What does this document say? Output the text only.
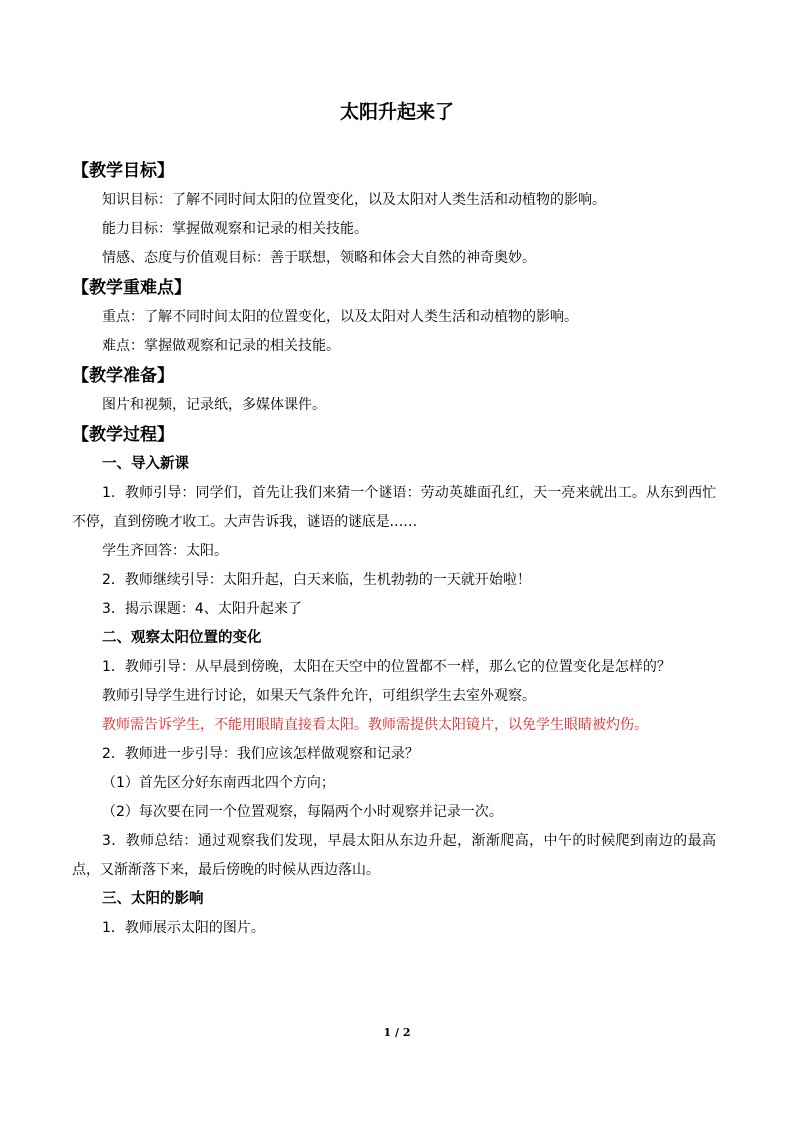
太阳升起来了
【教学目标】
知识目标：了解不同时间太阳的位置变化，以及太阳对人类生活和动植物的影响。
能力目标：掌握做观察和记录的相关技能。
情感、态度与价值观目标：善于联想，领略和体会大自然的神奇奥妙。
【教学重难点】
重点：了解不同时间太阳的位置变化，以及太阳对人类生活和动植物的影响。
难点：掌握做观察和记录的相关技能。
【教学准备】
图片和视频，记录纸，多媒体课件。
【教学过程】
一、导入新课
1．教师引导：同学们，首先让我们来猜一个谜语：劳动英雄面孔红，天一亮来就出工。从东到西忙不停，直到傍晚才收工。大声告诉我，谜语的谜底是……
学生齐回答：太阳。
2．教师继续引导：太阳升起，白天来临，生机勃勃的一天就开始啦！
3．揭示课题：4、太阳升起来了
二、观察太阳位置的变化
1．教师引导：从早晨到傍晚，太阳在天空中的位置都不一样，那么它的位置变化是怎样的？
教师引导学生进行讨论，如果天气条件允许，可组织学生去室外观察。
教师需告诉学生，不能用眼睛直接看太阳。教师需提供太阳镜片，以免学生眼睛被灼伤。
2．教师进一步引导：我们应该怎样做观察和记录？
（1）首先区分好东南西北四个方向；
（2）每次要在同一个位置观察，每隔两个小时观察并记录一次。
3．教师总结：通过观察我们发现，早晨太阳从东边升起，渐渐爬高，中午的时候爬到南边的最高点，又渐渐落下来，最后傍晚的时候从西边落山。
三、太阳的影响
1．教师展示太阳的图片。
1 / 2
